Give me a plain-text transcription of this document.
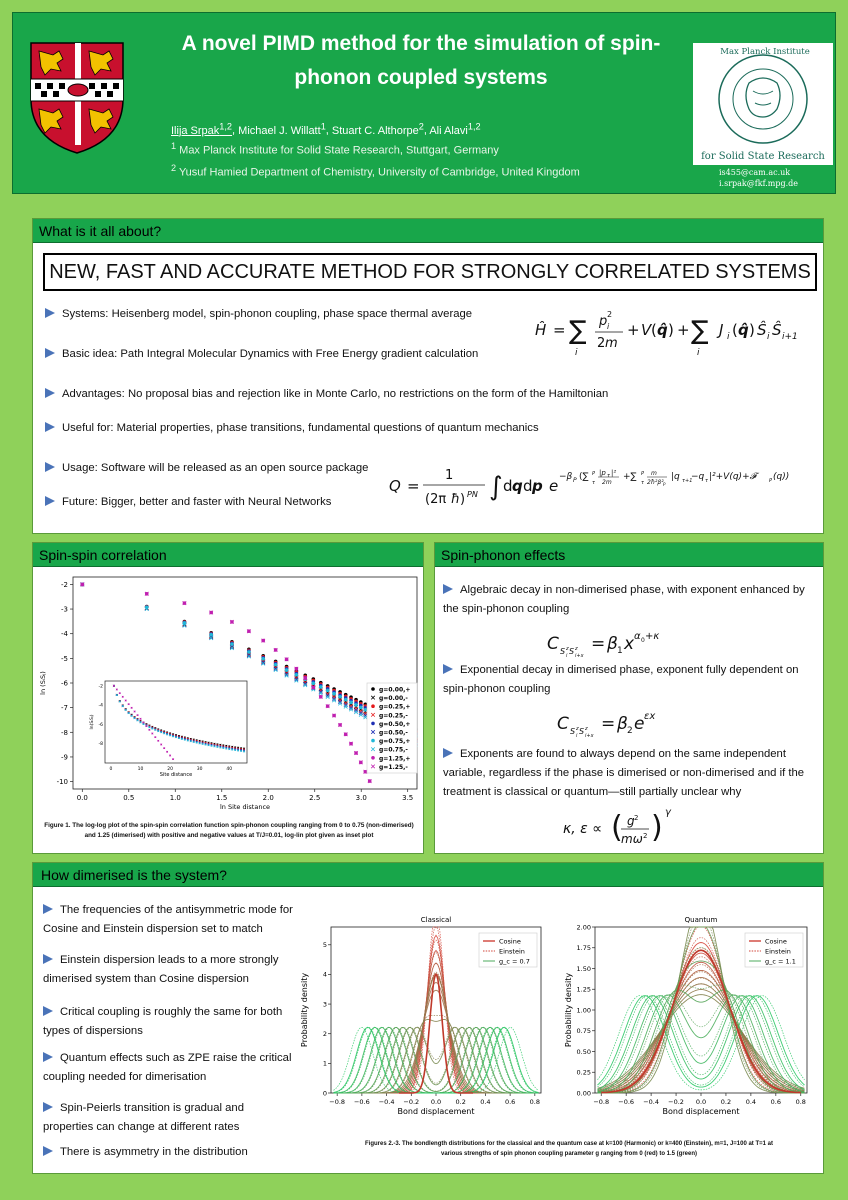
A novel PIMD method for the simulation of spin-phonon coupled systems
Ilija Srpak$^{1,2}$, Michael J. Willatt$^1$, Stuart C. Althorpe$^2$, Ali Alavi$^{1,2}$
$^1$ Max Planck Institute for Solid State Research, Stuttgart, Germany
$^2$ Yusuf Hamied Department of Chemistry, University of Cambridge, United Kingdom
for Solid State Research
Max Planck Institute
is455@cam.ac.uk
i.srpak@fkf.mpg.de
What is it all about?
NEW, FAST AND ACCURATE METHOD FOR STRONGLY CORRELATED SYSTEMS
Systems: Heisenberg model, spin-phonon coupling, phase space thermal average
Basic idea: Path Integral Molecular Dynamics with Free Energy gradient calculation
Advantages: No proposal bias and rejection like in Monte Carlo, no restrictions on the form of the Hamiltonian
Useful for: Material properties, phase transitions, fundamental questions of quantum mechanics
Usage: Software will be released as an open source package
Future: Bigger, better and faster with Neural Networks
Ĥ = ∑
i
p i
2
2 m
+ V ( q̂ ) + ∑
i
J i ( q̂ ) Ŝ i Ŝ i+1
Q =
1
(2π ħ ) PN ∫ d q d p e −β P (∑ P
τ
|p τ |²
2m
+∑ P
τ
m
2ħ²β² P
|q τ+1
−q τ |²+V(q)+𝓕	P (q))
Spin-spin correlation
0.0	0.5	1.0	1.5	2.0	2.5	3.0	3.5
-2
-3
-4
-5
-6
-7
-8
-9
-10
ln Site distance
ln (SᵢSⱼ)	g=0.00,+
g=0.00,-
g=0.25,+
g=0.25,-
g=0.50,+
g=0.50,-
g=0.75,+
g=0.75,-
g=1.25,+
g=1.25,-
0	10	20	30	40
-2
-4
-6
-8
Site distance
ln(SᵢSⱼ)
Figure 1. The log-log plot of the spin-spin correlation function spin-phonon coupling ranging from 0 to 0.75 (non-dimerised)
and 1.25 (dimerised) with positive and negative values at T/J=0.01, log-lin plot given as inset plot
Spin-phonon effects
Algebraic decay in non-dimerised phase, with exponent enhanced by the spin-phonon coupling
C S z
i S z
i+x
= β 1 x α 0 +κ
Exponential decay in dimerised phase, exponent fully dependent on spin-phonon coupling
C S z
i S z
i+x
= β 2 e εx
Exponents are found to always depend on the same independent variable, regardless if the phase is dimerised or non-dimerised and if the treatment is classical or quantum—still partially unclear why
κ, ε ∝ ( g 2
mω 2 ) γ
How dimerised is the system?
The frequencies of the antisymmetric mode for Cosine and Einstein dispersion set to match
Einstein dispersion leads to a more strongly dimerised system than Cosine dispersion
Critical coupling is roughly the same for both types of dispersions
Quantum effects such as ZPE raise the critical coupling needed for dimerisation
Spin-Peierls transition is gradual and properties can change at different rates
There is asymmetry in the distribution
Classical
−0.8 −0.6 −0.4 −0.2 0.0 0.2 0.4 0.6 0.8
0
1
2
3
4
5
Bond displacement
Probability density
Cosine
Einstein
g_c = 0.7
Quantum
−0.8 −0.6 −0.4 −0.2 0.0 0.2 0.4 0.6 0.8
0.00
0.25
0.50
0.75
1.00
1.25
1.50
1.75
2.00
Bond displacement
Probability density
Cosine
Einstein
g_c = 1.1
Figures 2.-3. The bondlength distributions for the classical and the quantum case at k=100 (Harmonic) or k=400 (Einstein), m=1, J=100 at T=1 at
various strengths of spin phonon coupling parameter g ranging from 0 (red) to 1.5 (green)
